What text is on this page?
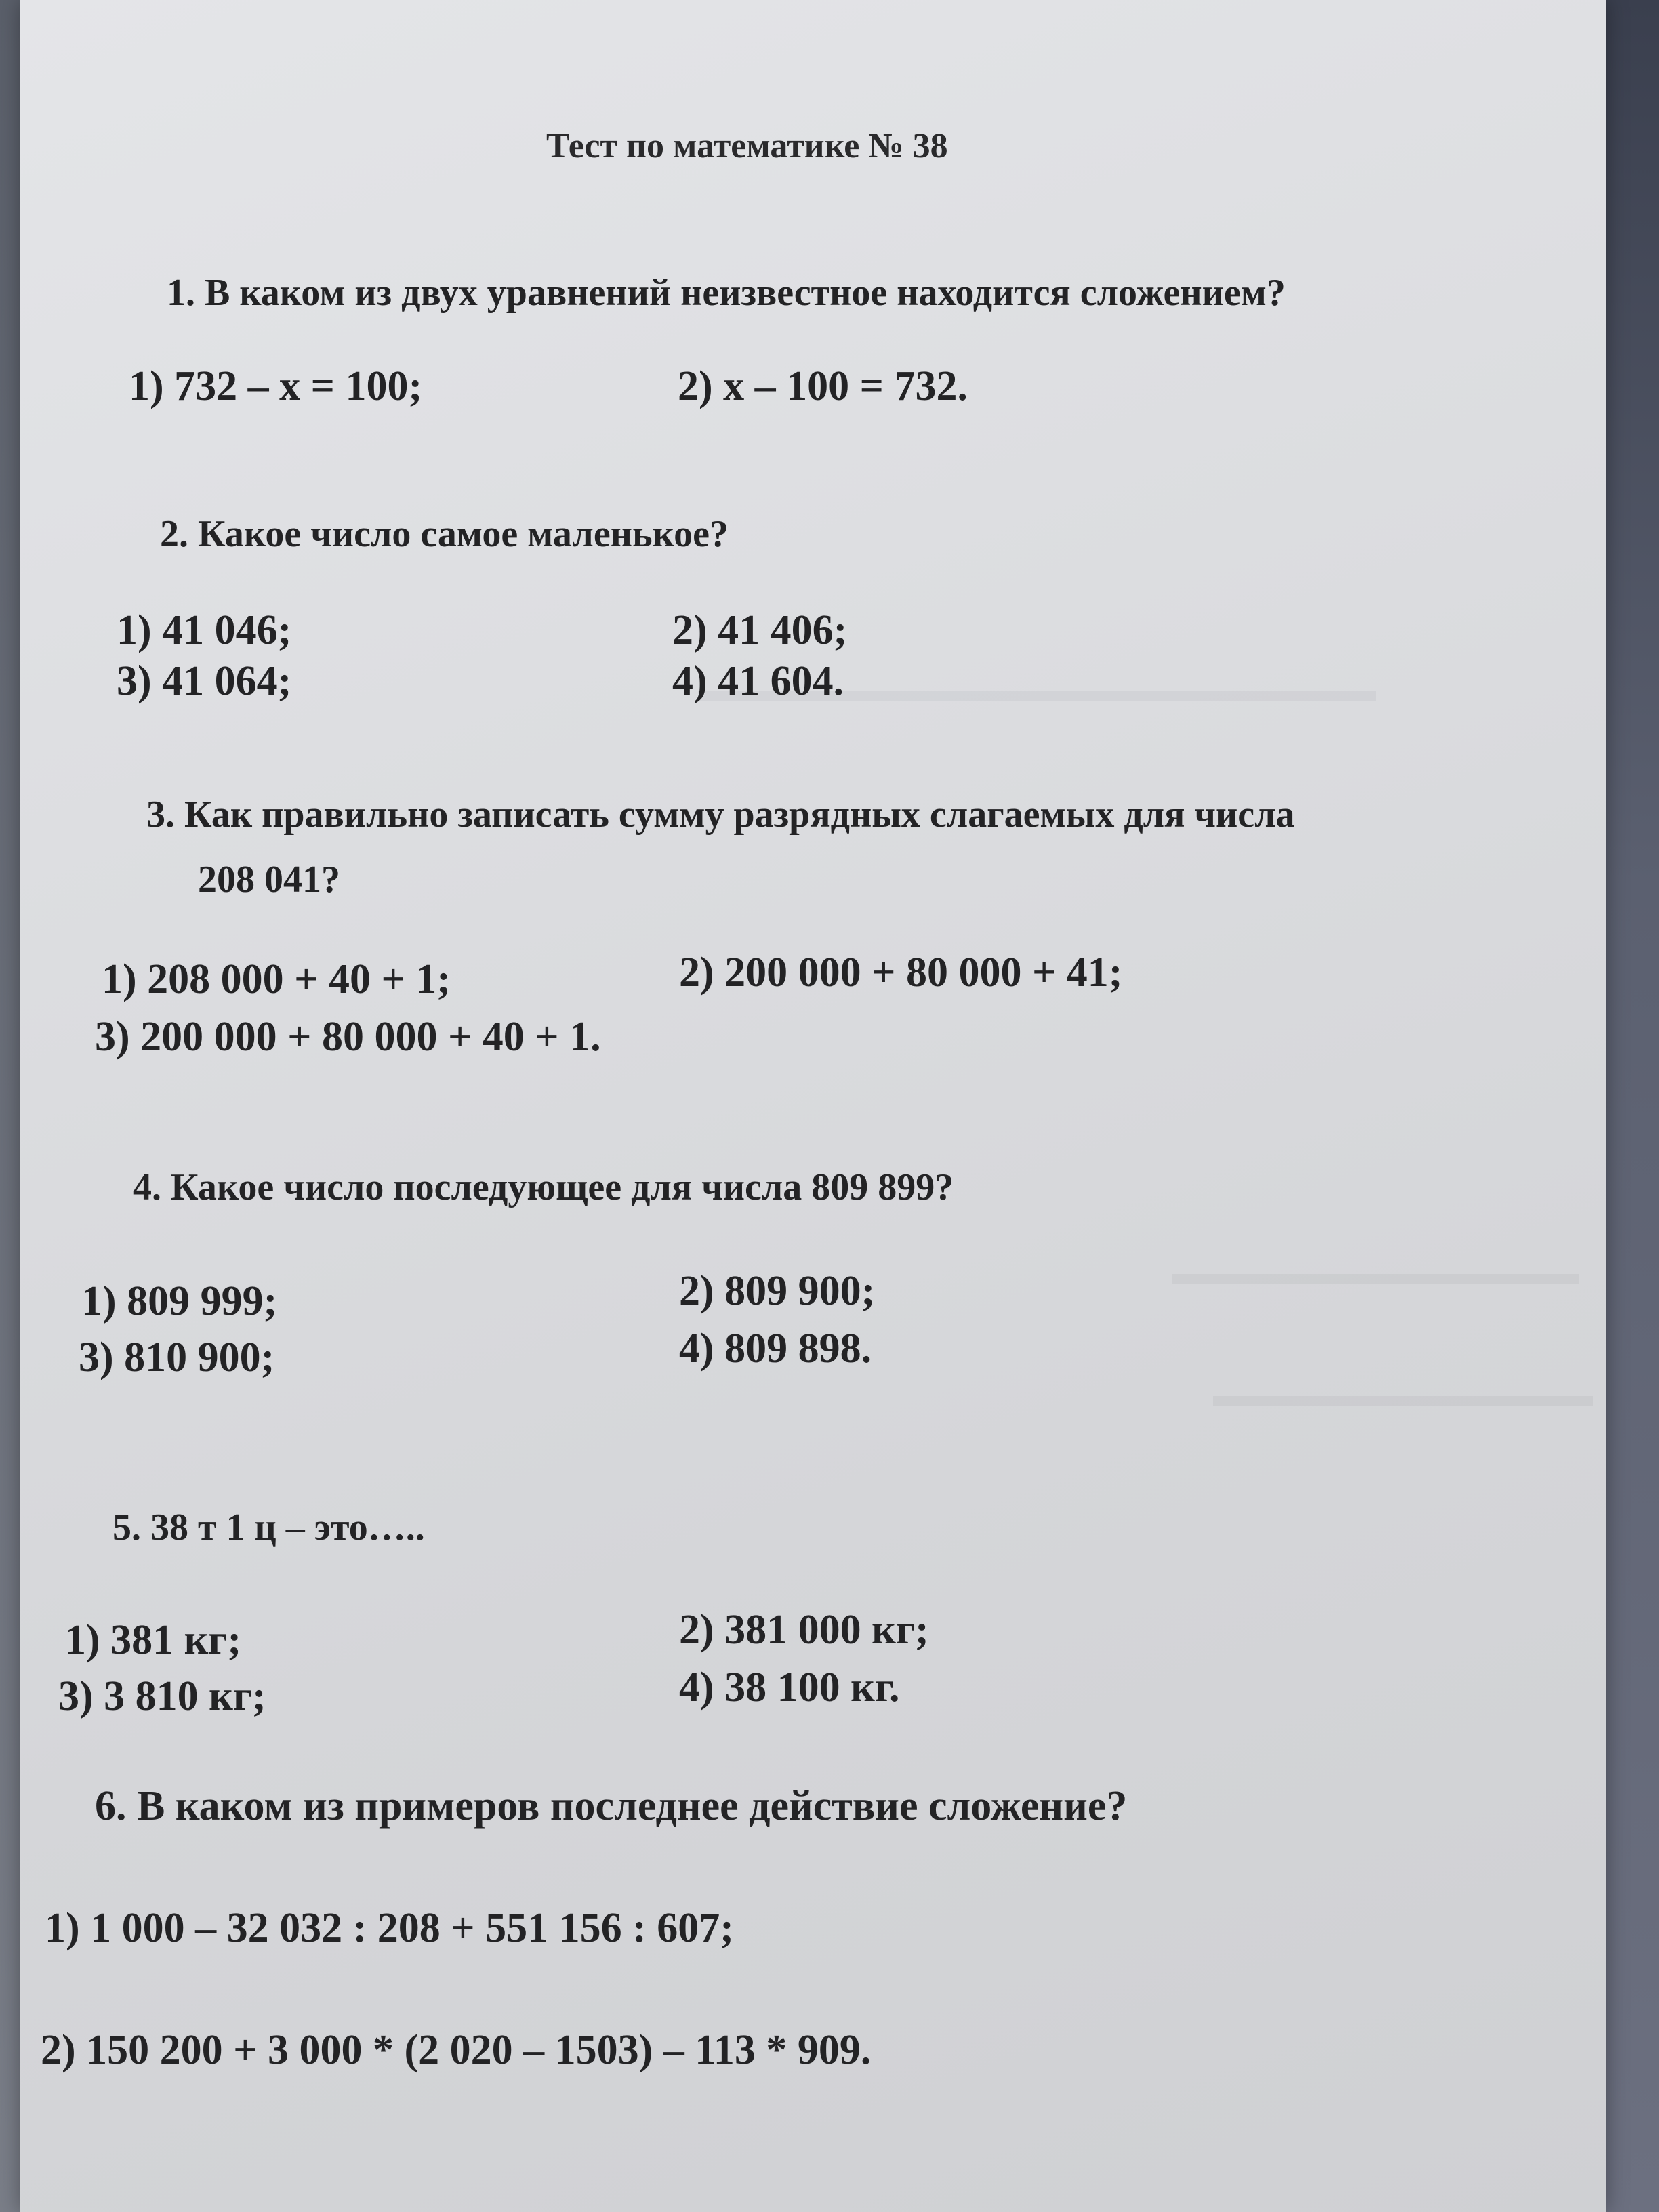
Тест по математике № 38
1. В каком из двух уравнений неизвестное находится сложением?
1) 732 – x = 100;	2) x – 100 = 732.
2. Какое число самое маленькое?
1) 41 046;	2) 41 406;
3) 41 064;	4) 41 604.
3. Как правильно записать сумму разрядных слагаемых для числа
208 041?
1) 208 000 + 40 + 1;	2) 200 000 + 80 000 + 41;
3) 200 000 + 80 000 + 40 + 1.
4. Какое число последующее для числа 809 899?
1) 809 999;	2) 809 900;
3) 810 900;	4) 809 898.
5. 38 т 1 ц – это…..
1) 381 кг;	2) 381 000 кг;
3) 3 810 кг;	4) 38 100 кг.
6. В каком из примеров последнее действие сложение?
1) 1 000 – 32 032 : 208 + 551 156 : 607;
2) 150 200 + 3 000 * (2 020 – 1503) – 113 * 909.
